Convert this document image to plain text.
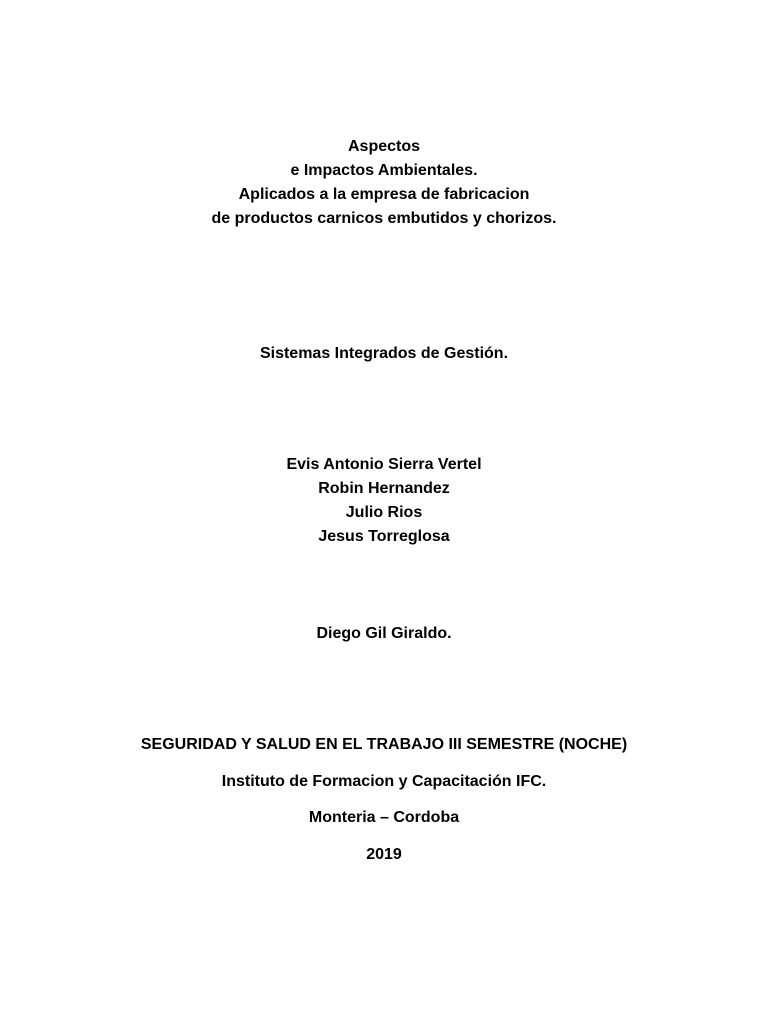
Aspectos
e Impactos Ambientales.
Aplicados a la empresa de fabricacion
de productos carnicos embutidos y chorizos.
Sistemas Integrados de Gestión.
Evis Antonio Sierra Vertel
Robin Hernandez
Julio Rios
Jesus Torreglosa
Diego Gil Giraldo.
SEGURIDAD Y SALUD EN EL TRABAJO III SEMESTRE (NOCHE)
Instituto de Formacion y Capacitación IFC.
Monteria – Cordoba
2019
